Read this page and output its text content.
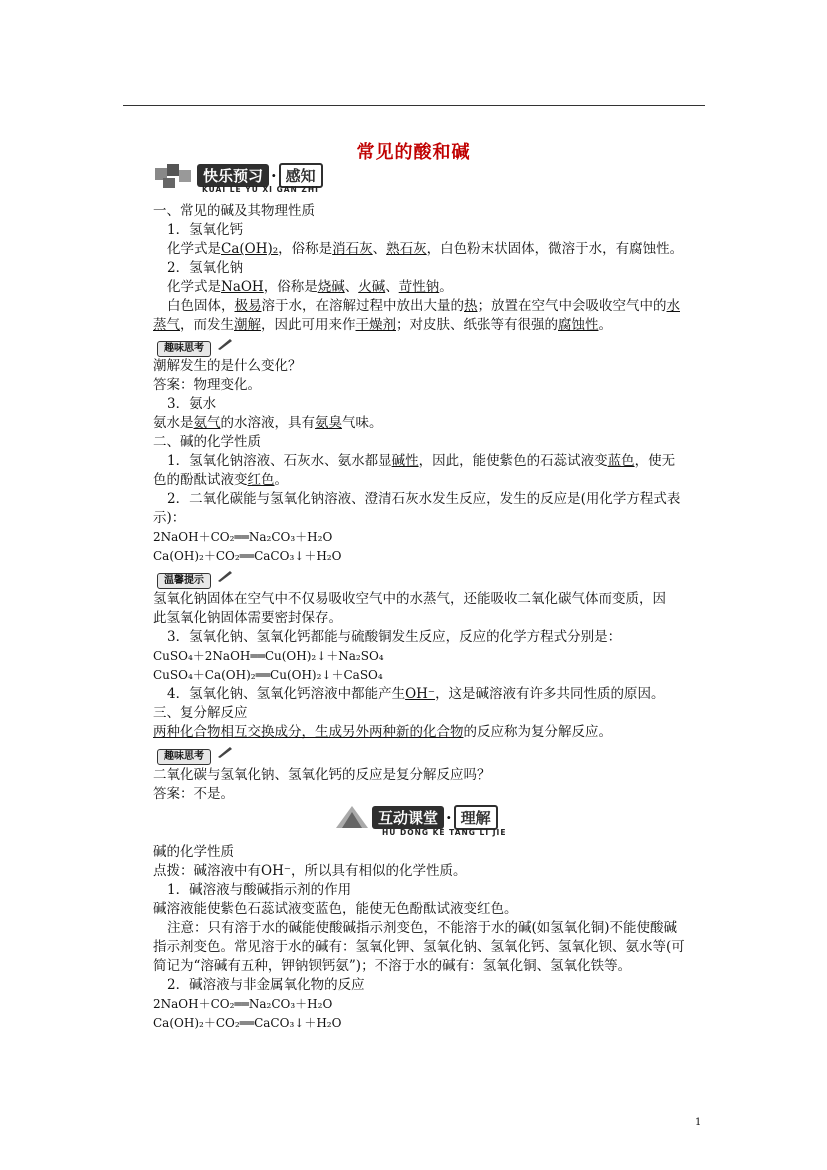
常见的酸和碱
快乐预习 · 感知
KUAI LE YU XI GAN ZHI
一、常见的碱及其物理性质
1．氢氧化钙
化学式是Ca(OH)₂，俗称是消石灰、熟石灰，白色粉末状固体，微溶于水，有腐蚀性。
2．氢氧化钠
化学式是NaOH，俗称是烧碱、火碱、苛性钠。
白色固体，极易溶于水，在溶解过程中放出大量的热；放置在空气中会吸收空气中的水
蒸气，而发生潮解，因此可用来作干燥剂；对皮肤、纸张等有很强的腐蚀性。
趣味思考
潮解发生的是什么变化？
答案：物理变化。
3．氨水
氨水是氨气的水溶液，具有氨臭气味。
二、碱的化学性质
1．氢氧化钠溶液、石灰水、氨水都显碱性，因此，能使紫色的石蕊试液变蓝色，使无
色的酚酞试液变红色。
2．二氧化碳能与氢氧化钠溶液、澄清石灰水发生反应，发生的反应是(用化学方程式表
示)：
2NaOH＋CO₂══Na₂CO₃＋H₂O
Ca(OH)₂＋CO₂══CaCO₃↓＋H₂O
温馨提示
氢氧化钠固体在空气中不仅易吸收空气中的水蒸气，还能吸收二氧化碳气体而变质，因
此氢氧化钠固体需要密封保存。
3．氢氧化钠、氢氧化钙都能与硫酸铜发生反应，反应的化学方程式分别是：
CuSO₄＋2NaOH══Cu(OH)₂↓＋Na₂SO₄
CuSO₄＋Ca(OH)₂══Cu(OH)₂↓＋CaSO₄
4．氢氧化钠、氢氧化钙溶液中都能产生OH⁻，这是碱溶液有许多共同性质的原因。
三、复分解反应
两种化合物相互交换成分，生成另外两种新的化合物的反应称为复分解反应。
趣味思考
二氧化碳与氢氧化钠、氢氧化钙的反应是复分解反应吗？
答案：不是。
互动课堂 · 理解
HU DONG KE TANG LI JIE
碱的化学性质
点拨：碱溶液中有OH⁻，所以具有相似的化学性质。
1．碱溶液与酸碱指示剂的作用
碱溶液能使紫色石蕊试液变蓝色，能使无色酚酞试液变红色。
注意：只有溶于水的碱能使酸碱指示剂变色，不能溶于水的碱(如氢氧化铜)不能使酸碱
指示剂变色。常见溶于水的碱有：氢氧化钾、氢氧化钠、氢氧化钙、氢氧化钡、氨水等(可
简记为“溶碱有五种，钾钠钡钙氨”)；不溶于水的碱有：氢氧化铜、氢氧化铁等。
2．碱溶液与非金属氧化物的反应
2NaOH＋CO₂══Na₂CO₃＋H₂O
Ca(OH)₂＋CO₂══CaCO₃↓＋H₂O
1
